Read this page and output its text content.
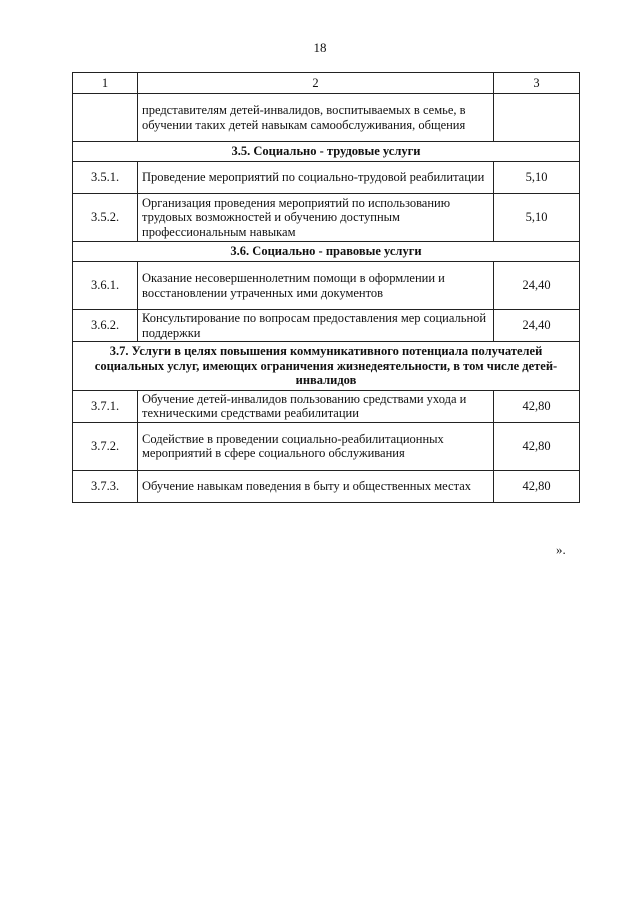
18
1	2	3
	представителям детей-инвалидов, воспитываемых в семье, в обучении таких детей навыкам самообслуживания, общения	
3.5. Социально - трудовые услуги		
3.5.1.	Проведение мероприятий по социально-трудовой реабилитации	5,10
3.5.2.	Организация проведения мероприятий по использованию трудовых возможностей и обучению доступным профессиональным навыкам	5,10
3.6. Социально - правовые услуги		
3.6.1.	Оказание несовершеннолетним помощи в оформлении и восстановлении утраченных ими документов	24,40
3.6.2.	Консультирование по вопросам предоставления мер социальной поддержки	24,40
3.7. Услуги в целях повышения коммуникативного потенциала получателей социальных услуг, имеющих ограничения жизнедеятельности, в том числе детей-инвалидов		
3.7.1.	Обучение детей-инвалидов пользованию средствами ухода и техническими средствами реабилитации	42,80
3.7.2.	Содействие в проведении социально-реабилитационных мероприятий в сфере социального обслуживания	42,80
3.7.3.	Обучение навыкам поведения в быту и общественных местах	42,80
».
